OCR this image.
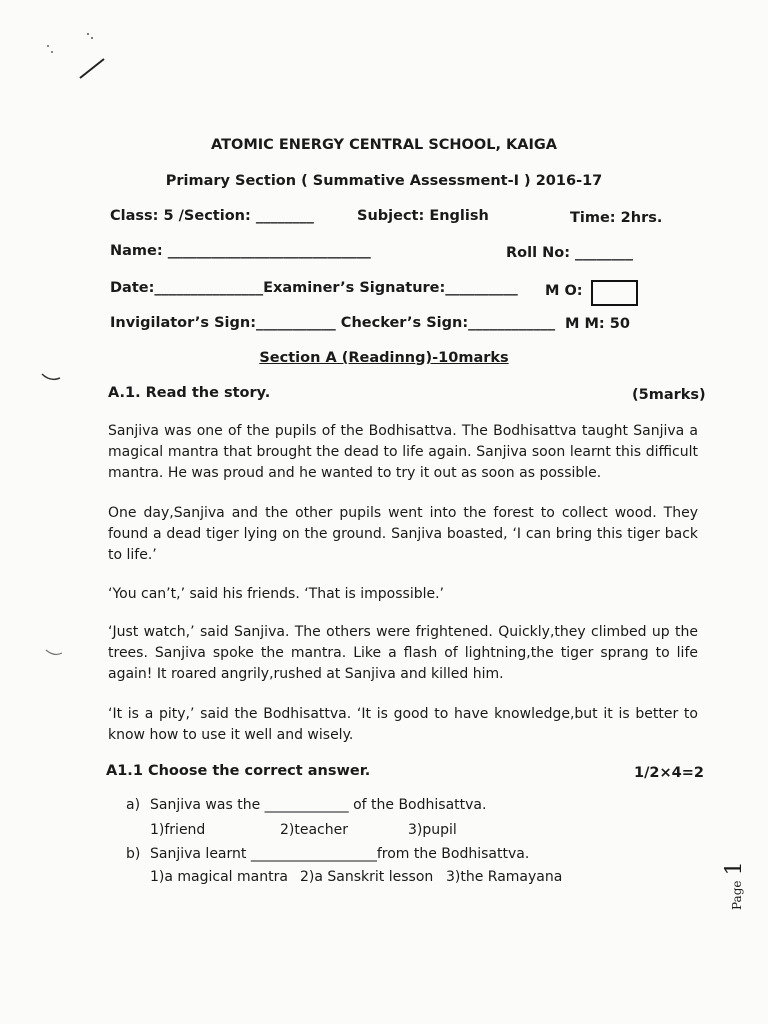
ATOMIC ENERGY CENTRAL SCHOOL, KAIGA
Primary Section ( Summative Assessment-I ) 2016-17
Class: 5 /Section: ________	Subject: English	Time: 2hrs.
Name: ____________________________	Roll No: ________
Date:_______________Examiner’s Signature:__________ M O:
Invigilator’s Sign:___________ Checker’s Sign:____________ M M: 50
Section A (Readinng)-10marks
A.1. Read the story.	(5marks)
Sanjiva was one of the pupils of the Bodhisattva. The Bodhisattva taught Sanjiva a magical mantra that brought the dead to life again. Sanjiva soon learnt this difficult mantra. He was proud and he wanted to try it out as soon as possible.
One day,Sanjiva and the other pupils went into the forest to collect wood. They found a dead tiger lying on the ground. Sanjiva boasted, ‘I can bring this tiger back to life.’
‘You can’t,’ said his friends. ‘That is impossible.’
‘Just watch,’ said Sanjiva. The others were frightened. Quickly,they climbed up the trees. Sanjiva spoke the mantra. Like a flash of lightning,the tiger sprang to life again! It roared angrily,rushed at Sanjiva and killed him.
‘It is a pity,’ said the Bodhisattva. ‘It is good to have knowledge,but it is better to know how to use it well and wisely.
A1.1 Choose the correct answer.	1/2×4=2
a) Sanjiva was the ____________ of the Bodhisattva.
1)friend	2)teacher	3)pupil
b) Sanjiva learnt __________________from the Bodhisattva.
1)a magical mantra 2)a Sanskrit lesson 3)the Ramayana
Page 1
